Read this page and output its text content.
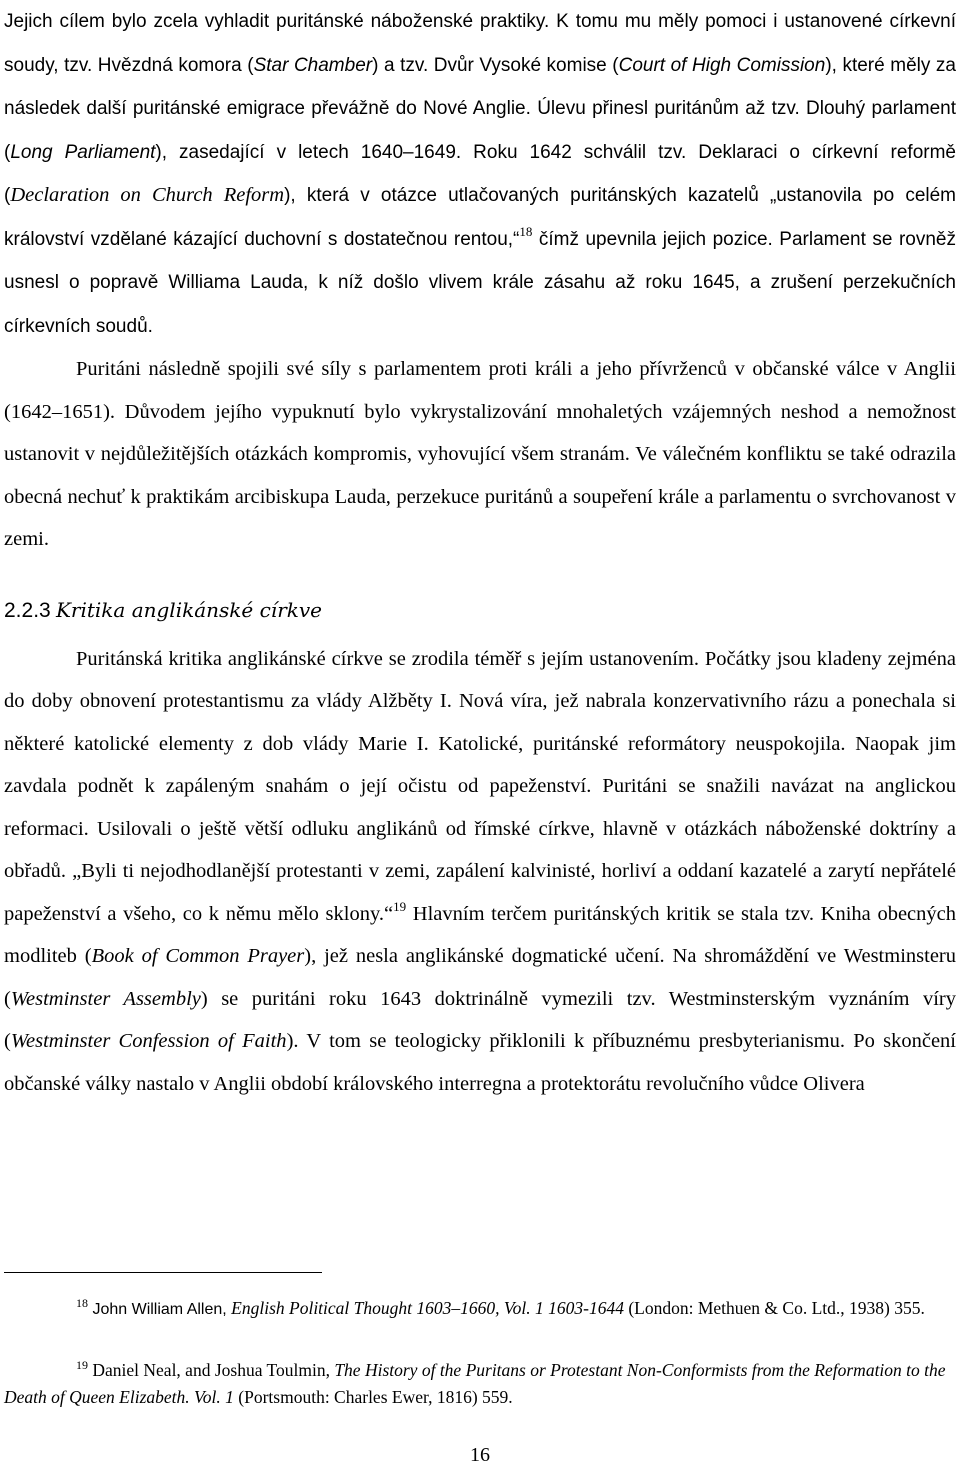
Jejich cílem bylo zcela vyhladit puritánské náboženské praktiky. K tomu mu měly pomoci i ustanovené církevní soudy, tzv. Hvězdná komora (Star Chamber) a tzv. Dvůr Vysoké komise (Court of High Comission), které měly za následek další puritánské emigrace převážně do Nové Anglie. Úlevu přinesl puritánům až tzv. Dlouhý parlament (Long Parliament), zasedající v letech 1640–1649. Roku 1642 schválil tzv. Deklaraci o církevní reformě (Declaration on Church Reform), která v otázce utlačovaných puritánských kazatelů „ustanovila po celém království vzdělané kázající duchovní s dostatečnou rentou,“$^{18}$ čímž upevnila jejich pozice. Parlament se rovněž usnesl o popravě Williama Lauda, k níž došlo vlivem krále zásahu až roku 1645, a zrušení perzekučních církevních soudů.

Puritáni následně spojili své síly s parlamentem proti králi a jeho přívrženců v občanské válce v Anglii (1642–1651). Důvodem jejího vypuknutí bylo vykrystalizování mnohaletých vzájemných neshod a nemožnost ustanovit v nejdůležitějších otázkách kompromis, vyhovující všem stranám. Ve válečném konfliktu se také odrazila obecná nechuť k praktikám arcibiskupa Lauda, perzekuce puritánů a soupeření krále a parlamentu o svrchovanost v zemi.

2.2.3 Kritika anglikánské církve

Puritánská kritika anglikánské církve se zrodila téměř s jejím ustanovením. Počátky jsou kladeny zejména do doby obnovení protestantismu za vlády Alžběty I. Nová víra, jež nabrala konzervativního rázu a ponechala si některé katolické elementy z dob vlády Marie I. Katolické, puritánské reformátory neuspokojila. Naopak jim zavdala podnět k zapáleným snahám o její očistu od papeženství. Puritáni se snažili navázat na anglickou reformaci. Usilovali o ještě větší odluku anglikánů od římské církve, hlavně v otázkách náboženské doktríny a obřadů. „Byli ti nejodhodlanější protestanti v zemi, zapálení kalvinisté, horliví a oddaní kazatelé a zarytí nepřátelé papeženství a všeho, co k němu mělo sklony.“$^{19}$ Hlavním terčem puritánských kritik se stala tzv. Kniha obecných modliteb (Book of Common Prayer), jež nesla anglikánské dogmatické učení. Na shromáždění ve Westminsteru (Westminster Assembly) se puritáni roku 1643 doktrinálně vymezili tzv. Westminsterským vyznáním víry (Westminster Confession of Faith). V tom se teologicky přiklonili k příbuznému presbyterianismu. Po skončení občanské války nastalo v Anglii období královského interregna a protektorátu revolučního vůdce Olivera

$^{18}$ John William Allen, English Political Thought 1603–1660, Vol. 1 1603-1644 (London: Methuen & Co. Ltd., 1938) 355.

$^{19}$ Daniel Neal, and Joshua Toulmin, The History of the Puritans or Protestant Non-Conformists from the Reformation to the Death of Queen Elizabeth. Vol. 1 (Portsmouth: Charles Ewer, 1816) 559.

16
